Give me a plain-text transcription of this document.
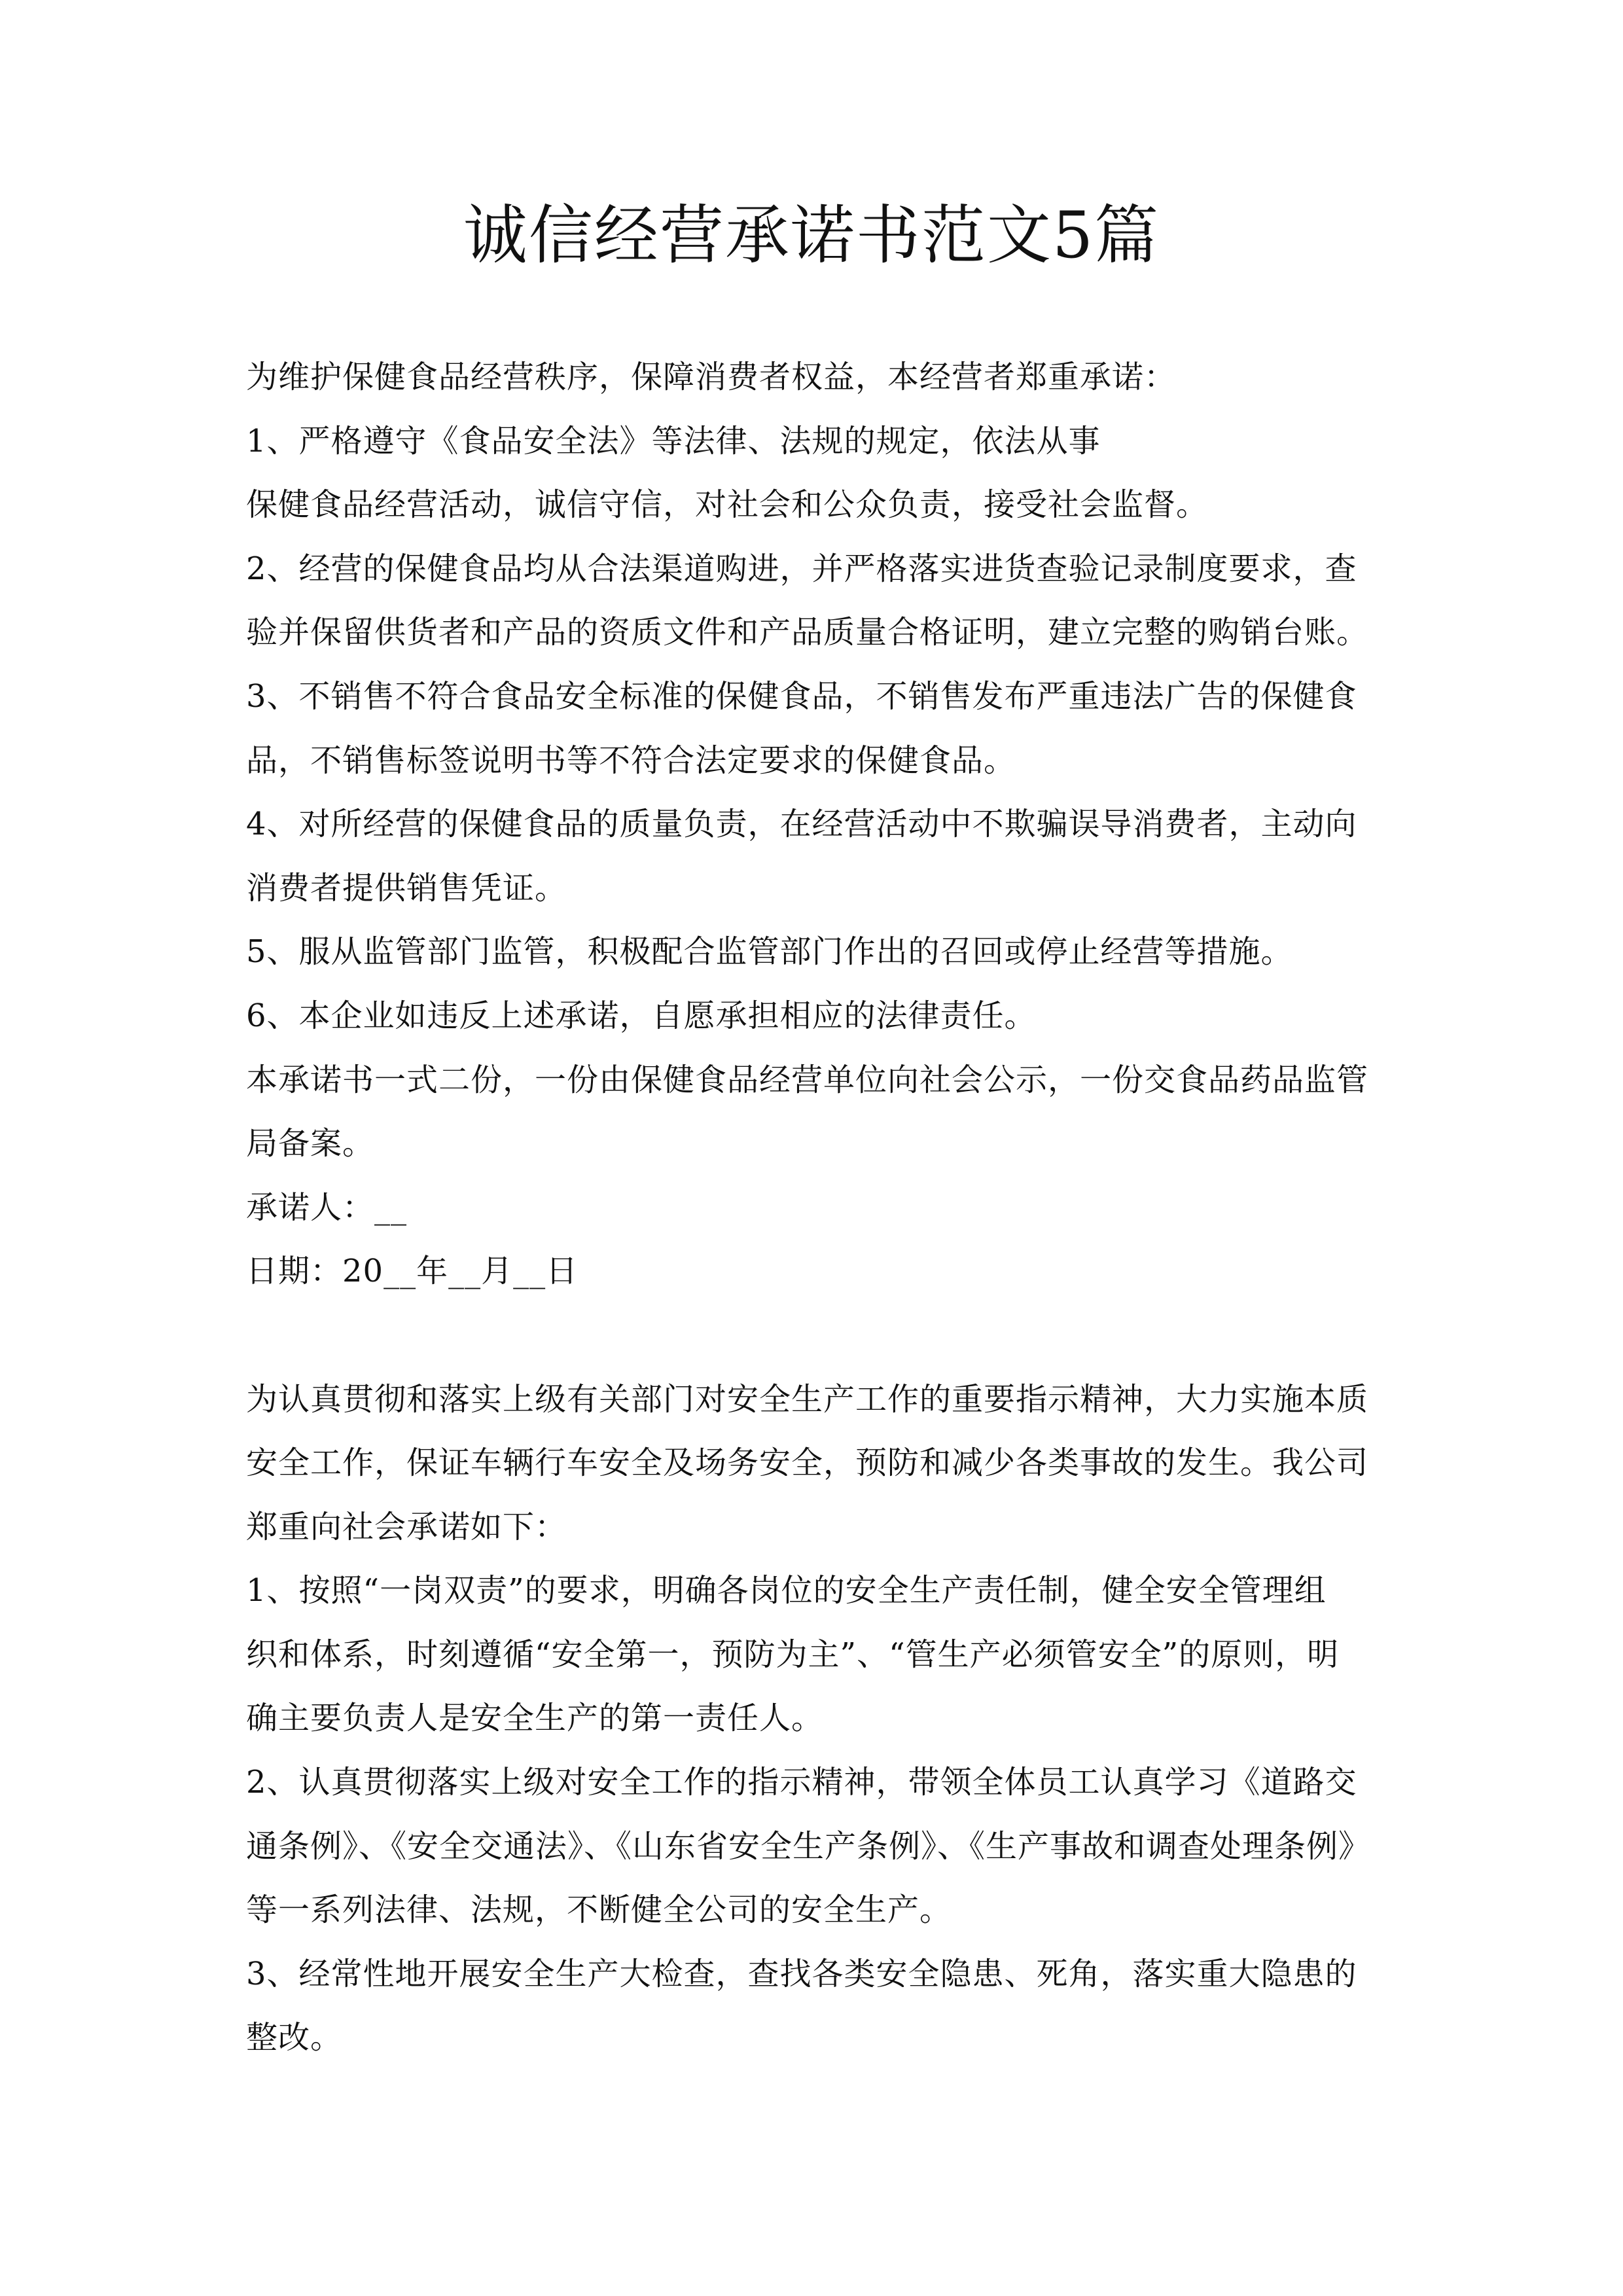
诚信经营承诺书范文5篇
为维护保健食品经营秩序，保障消费者权益，本经营者郑重承诺：
1、严格遵守《食品安全法》等法律、法规的规定，依法从事
保健食品经营活动，诚信守信，对社会和公众负责，接受社会监督。
2、经营的保健食品均从合法渠道购进，并严格落实进货查验记录制度要求，查
验并保留供货者和产品的资质文件和产品质量合格证明，建立完整的购销台账。
3、不销售不符合食品安全标准的保健食品，不销售发布严重违法广告的保健食
品，不销售标签说明书等不符合法定要求的保健食品。
4、对所经营的保健食品的质量负责，在经营活动中不欺骗误导消费者，主动向
消费者提供销售凭证。
5、服从监管部门监管，积极配合监管部门作出的召回或停止经营等措施。
6、本企业如违反上述承诺，自愿承担相应的法律责任。
本承诺书一式二份，一份由保健食品经营单位向社会公示，一份交食品药品监管
局备案。
承诺人：__
日期：20__年__月__日
为认真贯彻和落实上级有关部门对安全生产工作的重要指示精神，大力实施本质
安全工作，保证车辆行车安全及场务安全，预防和减少各类事故的发生。我公司
郑重向社会承诺如下：
1、按照“一岗双责”的要求，明确各岗位的安全生产责任制，健全安全管理组
织和体系，时刻遵循“安全第一，预防为主”、“管生产必须管安全”的原则，明
确主要负责人是安全生产的第一责任人。
2、认真贯彻落实上级对安全工作的指示精神，带领全体员工认真学习《道路交
通条例》、《安全交通法》、《山东省安全生产条例》、《生产事故和调查处理条例》
等一系列法律、法规，不断健全公司的安全生产。
3、经常性地开展安全生产大检查，查找各类安全隐患、死角，落实重大隐患的
整改。
